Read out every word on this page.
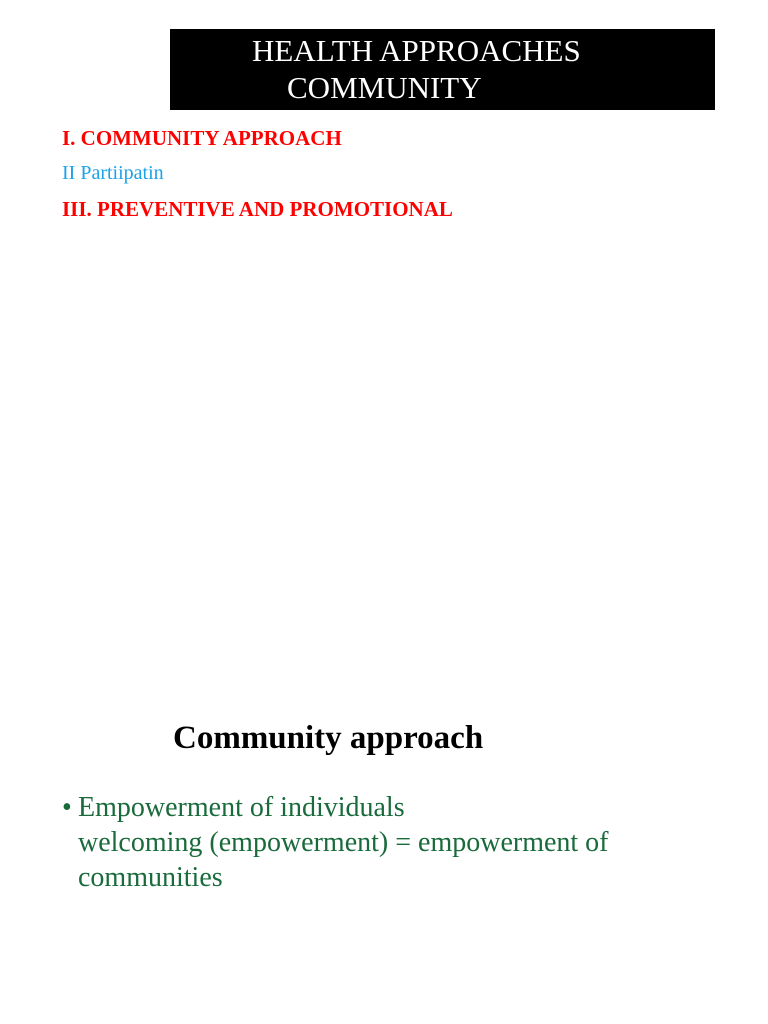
HEALTH APPROACHES
COMMUNITY
I. COMMUNITY APPROACH
II Partiipatin
III. PREVENTIVE AND PROMOTIONAL
Community approach
• Empowerment of individuals
welcoming (empowerment) = empowerment of
communities
